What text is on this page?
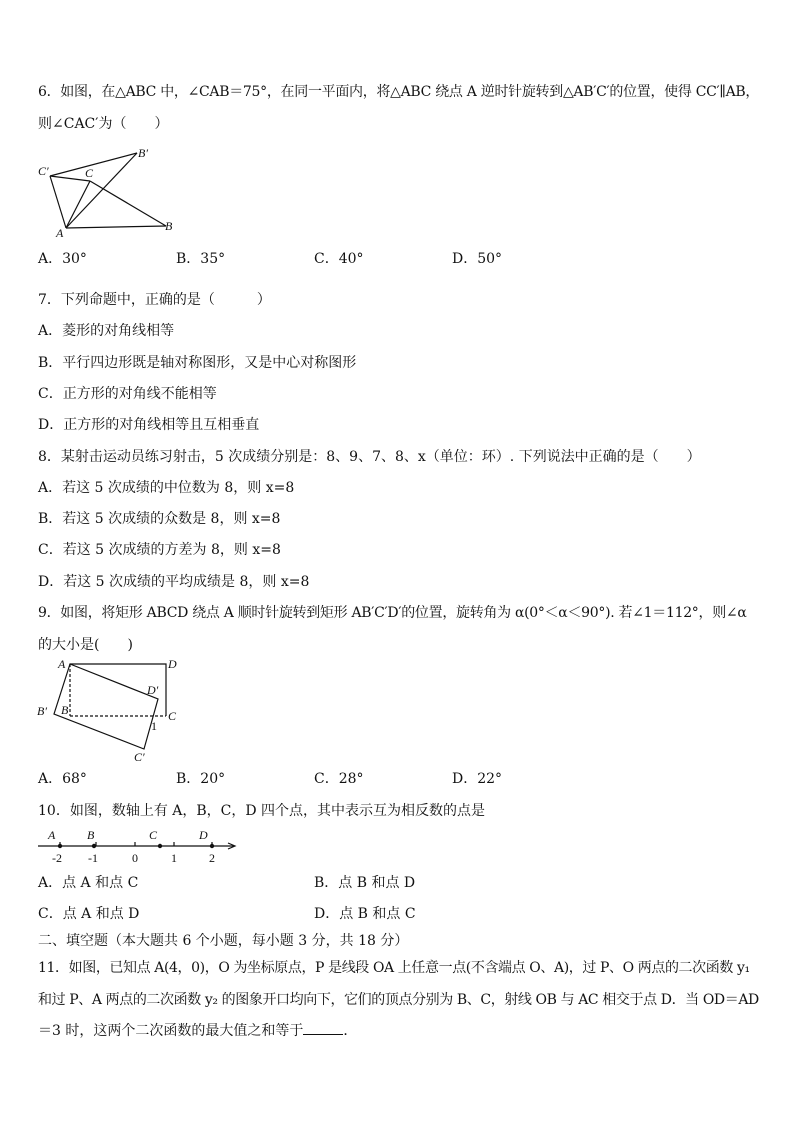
6．如图，在△ABC 中，∠CAB＝75°，在同一平面内，将△ABC 绕点 A 逆时针旋转到△AB′C′的位置，使得 CC′∥AB，
则∠CAC′为（　　）
A	B
C
B′
C′
A．30°	B．35°	C．40°	D．50°
7．下列命题中，正确的是（　　　）
A．菱形的对角线相等
B．平行四边形既是轴对称图形，又是中心对称图形
C．正方形的对角线不能相等
D．正方形的对角线相等且互相垂直
8．某射击运动员练习射击，5 次成绩分别是：8、9、7、8、x（单位：环）. 下列说法中正确的是（　　）
A．若这 5 次成绩的中位数为 8，则 x=8
B．若这 5 次成绩的众数是 8，则 x=8
C．若这 5 次成绩的方差为 8，则 x=8
D．若这 5 次成绩的平均成绩是 8，则 x=8
9．如图，将矩形 ABCD 绕点 A 顺时针旋转到矩形 AB′C′D′的位置，旋转角为 α(0°＜α＜90°). 若∠1＝112°，则∠α
的大小是(　　)
A
B	C
D
B′
C′
D′
1
A．68°	B．20°	C．28°	D．22°
10．如图，数轴上有 A，B，C，D 四个点，其中表示互为相反数的点是
A	B	C	D
-2 -1	0	1	2
A．点 A 和点 C	B．点 B 和点 D
C．点 A 和点 D	D．点 B 和点 C
二、填空题（本大题共 6 个小题，每小题 3 分，共 18 分）
11．如图，已知点 A(4，0)，O 为坐标原点，P 是线段 OA 上任意一点(不含端点 O、A)，过 P、O 两点的二次函数 y₁
和过 P、A 两点的二次函数 y₂ 的图象开口均向下，它们的顶点分别为 B、C，射线 OB 与 AC 相交于点 D．当 OD＝AD
＝3 时，这两个二次函数的最大值之和等于	．
